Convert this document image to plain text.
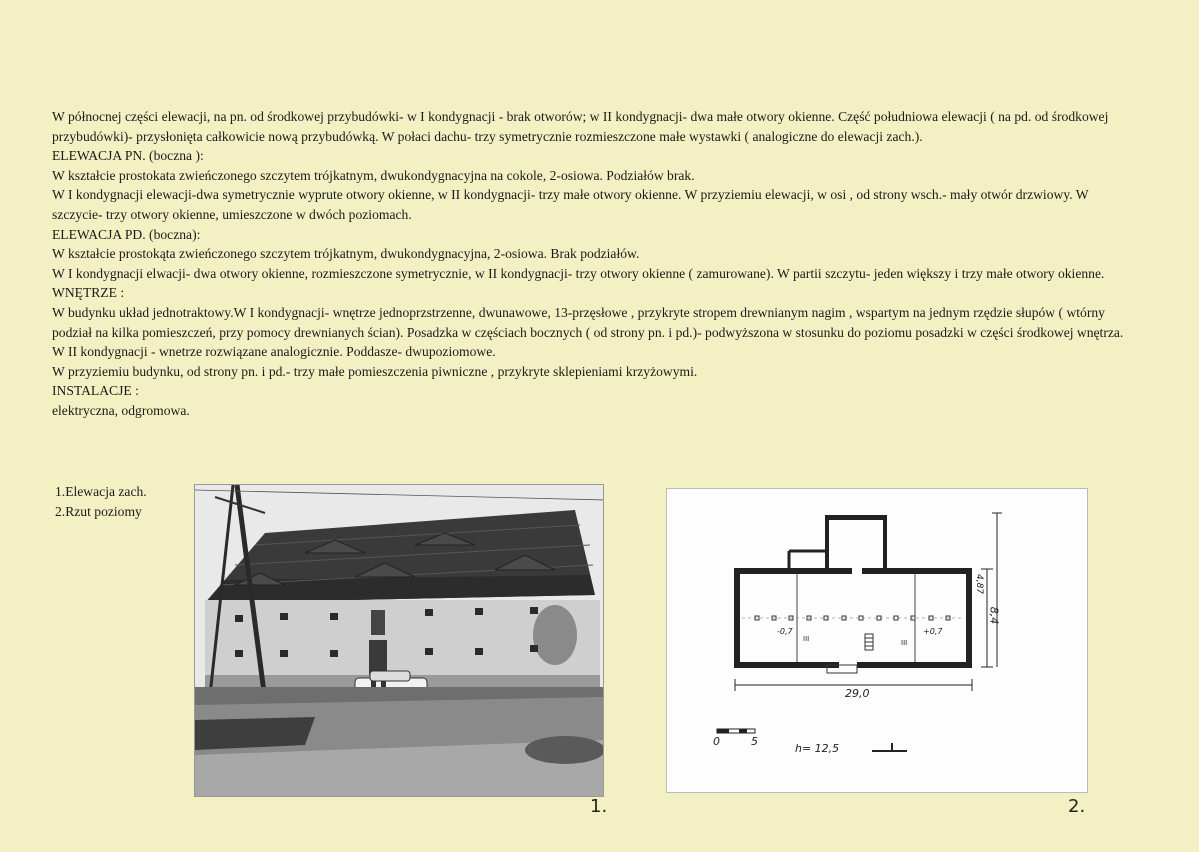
W północnej części elewacji, na pn. od środkowej przybudówki- w I kondygnacji - brak otworów; w II kondygnacji- dwa małe otwory okienne. Część południowa elewacji ( na pd. od środkowej przybudówki)- przysłonięta całkowicie nową przybudówką. W połaci dachu- trzy symetrycznie rozmieszczone małe wystawki ( analogiczne do elewacji zach.).

ELEWACJA PN. (boczna ):

W kształcie prostokata zwieńczonego szczytem trójkatnym, dwukondygnacyjna na cokole, 2-osiowa. Podziałów brak.

W I kondygnacji elewacji-dwa symetrycznie wyprute otwory okienne, w II kondygnacji- trzy małe otwory okienne. W przyziemiu elewacji, w osi , od strony wsch.- mały otwór drzwiowy. W szczycie- trzy otwory okienne, umieszczone w dwóch poziomach.

ELEWACJA PD. (boczna):

W kształcie prostokąta zwieńczonego szczytem trójkatnym, dwukondygnacyjna, 2-osiowa. Brak podziałów.

W I kondygnacji elwacji- dwa otwory okienne, rozmieszczone symetrycznie, w II kondygnacji- trzy otwory okienne ( zamurowane). W partii szczytu- jeden większy i trzy małe otwory okienne.

WNĘTRZE :

W budynku układ jednotraktowy.W I kondygnacji- wnętrze jednoprzstrzenne, dwunawowe, 13-przęsłowe , przykryte stropem drewnianym nagim , wspartym na jednym rzędzie słupów ( wtórny podział na kilka pomieszczeń, przy pomocy drewnianych ścian). Posadzka w częściach bocznych ( od strony pn. i pd.)- podwyższona w stosunku do poziomu posadzki w części środkowej wnętrza. W II kondygnacji - wnetrze rozwiązane analogicznie. Poddasze- dwupoziomowe.

W przyziemiu budynku, od strony pn. i pd.- trzy małe pomieszczenia piwniczne , przykryte sklepieniami krzyżowymi.

INSTALACJE :

elektryczna, odgromowa.

1.Elewacja zach.

2.Rzut poziomy

1.
29,0
8,4
4,87
0	5
h= 12,5
-0,7	+0,7
III	III
2.
